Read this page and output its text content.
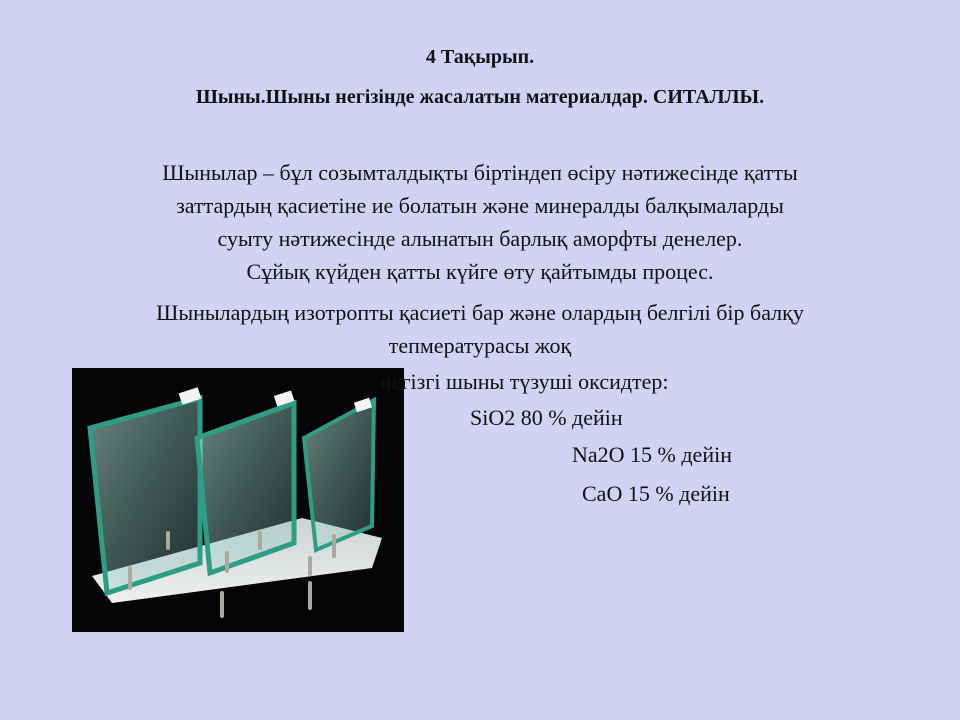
4 Тақырып.
Шыны.Шыны негізінде жасалатын материалдар. СИТАЛЛЫ.
Шынылар – бұл созымталдықты біртіндеп өсіру нәтижесінде қатты
заттардың қасиетіне ие болатын және минералды балқымаларды
суыту нәтижесінде алынатын барлық аморфты денелер.
Сұйық күйден қатты күйге өту қайтымды процес.
Шынылардың изотропты қасиеті бар және олардың белгілі бір балқу
тепмературасы жоқ
негізгі шыны түзуші оксидтер:
SiO2 80 % дейін
Na2O 15 % дейін
CaO 15 % дейін
